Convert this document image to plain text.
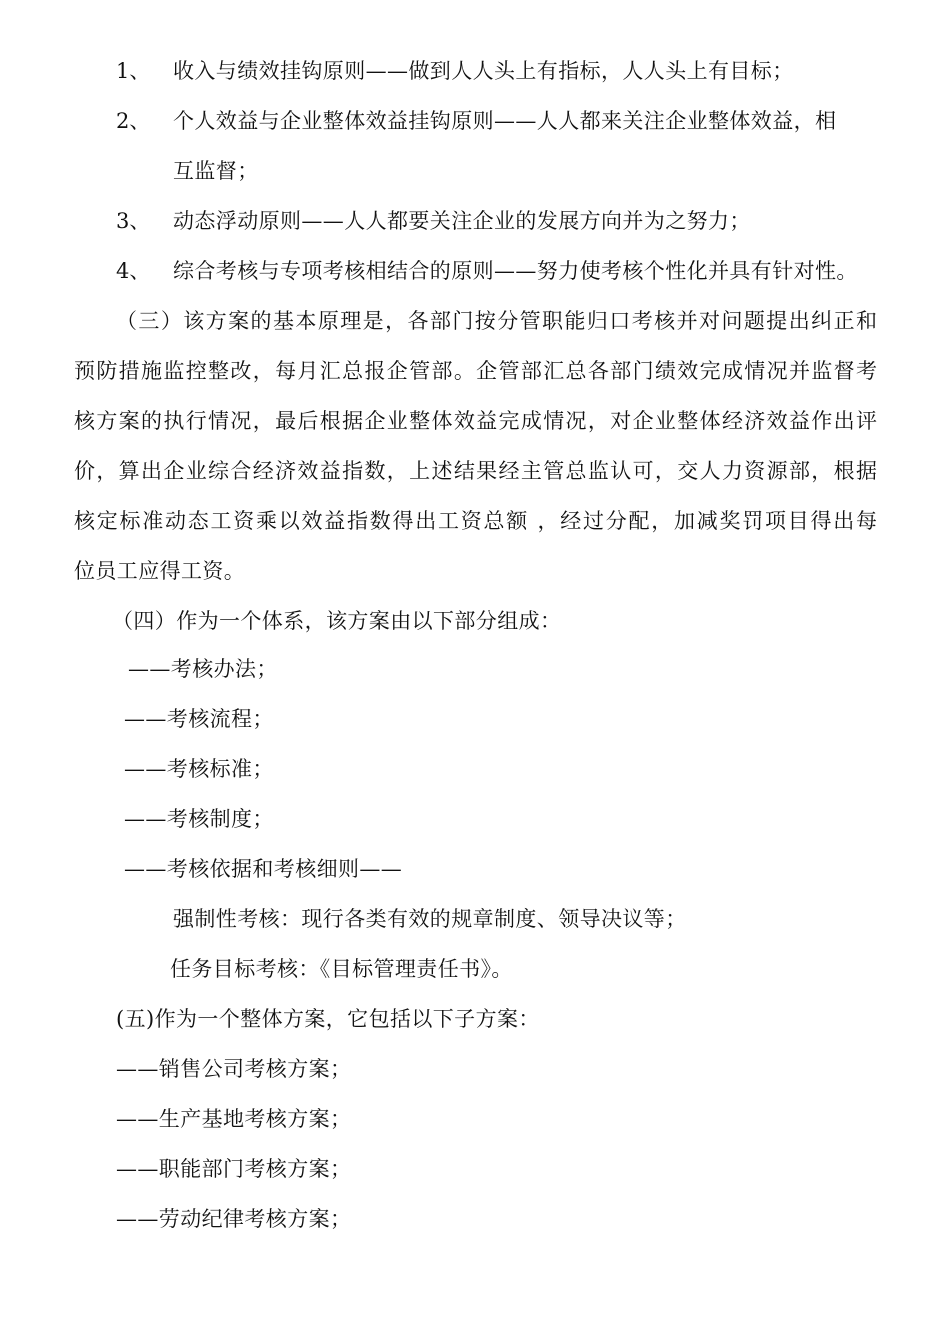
1、 收入与绩效挂钩原则——做到人人头上有指标，人人头上有目标；
2、 个人效益与企业整体效益挂钩原则——人人都来关注企业整体效益，相
互监督；
3、 动态浮动原则——人人都要关注企业的发展方向并为之努力；
4、 综合考核与专项考核相结合的原则——努力使考核个性化并具有针对性。
（三）该方案的基本原理是，各部门按分管职能归口考核并对问题提出纠正和
预防措施监控整改，每月汇总报企管部。企管部汇总各部门绩效完成情况并监督考
核方案的执行情况，最后根据企业整体效益完成情况，对企业整体经济效益作出评
价，算出企业综合经济效益指数，上述结果经主管总监认可，交人力资源部，根据
核定标准动态工资乘以效益指数得出工资总额 ，经过分配，加减奖罚项目得出每
位员工应得工资。
（四）作为一个体系，该方案由以下部分组成：
——考核办法；
——考核流程；
——考核标准；
——考核制度；
——考核依据和考核细则——
强制性考核：现行各类有效的规章制度、领导决议等；
任务目标考核：《目标管理责任书》。
(五)作为一个整体方案，它包括以下子方案：
——销售公司考核方案；
——生产基地考核方案；
——职能部门考核方案；
——劳动纪律考核方案；
